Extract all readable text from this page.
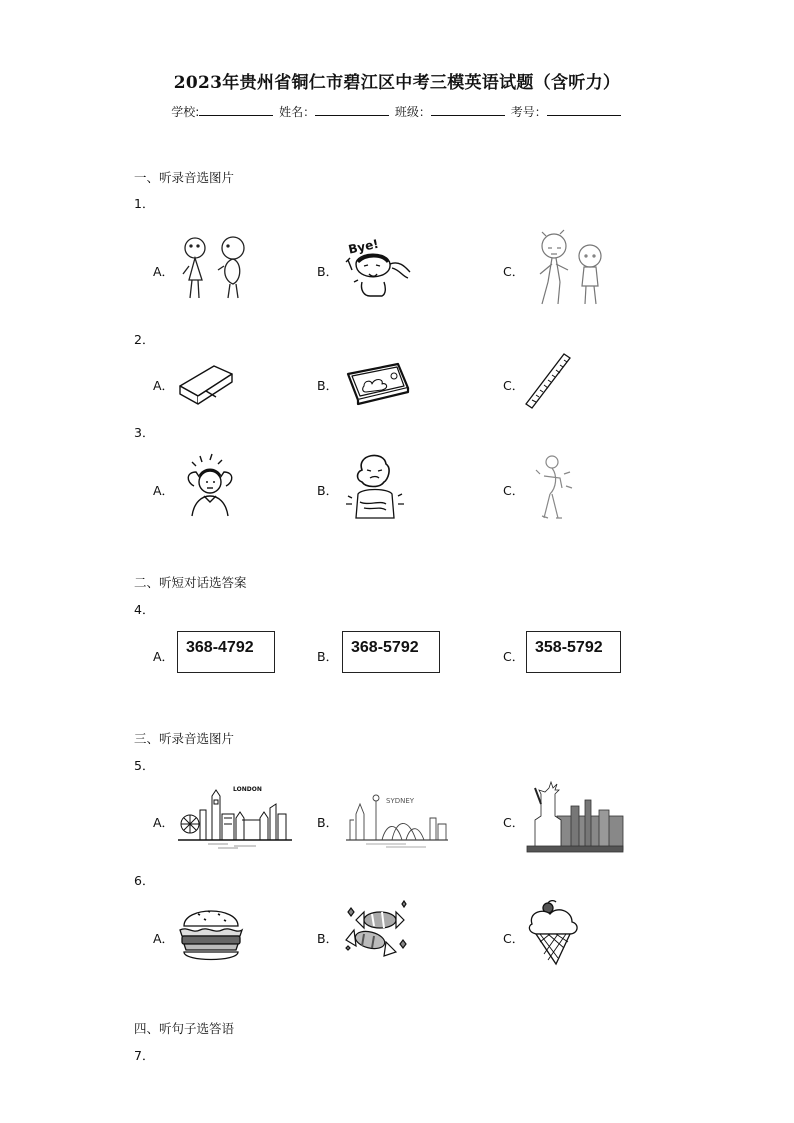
2023年贵州省铜仁市碧江区中考三模英语试题（含听力）
学校:	姓名：	班级：	考号：
一、听录音选图片
1．
A．	B．
Bye!
C．
2．
A．	B．	C．
3．
A．	B．	C．
二、听短对话选答案
4．
A．
368-4792
B．
368-5792
C．
358-5792
三、听录音选图片
5．
A．
LONDON
B．
SYDNEY
C．
6．
A．	B．	C．
四、听句子选答语
7．
